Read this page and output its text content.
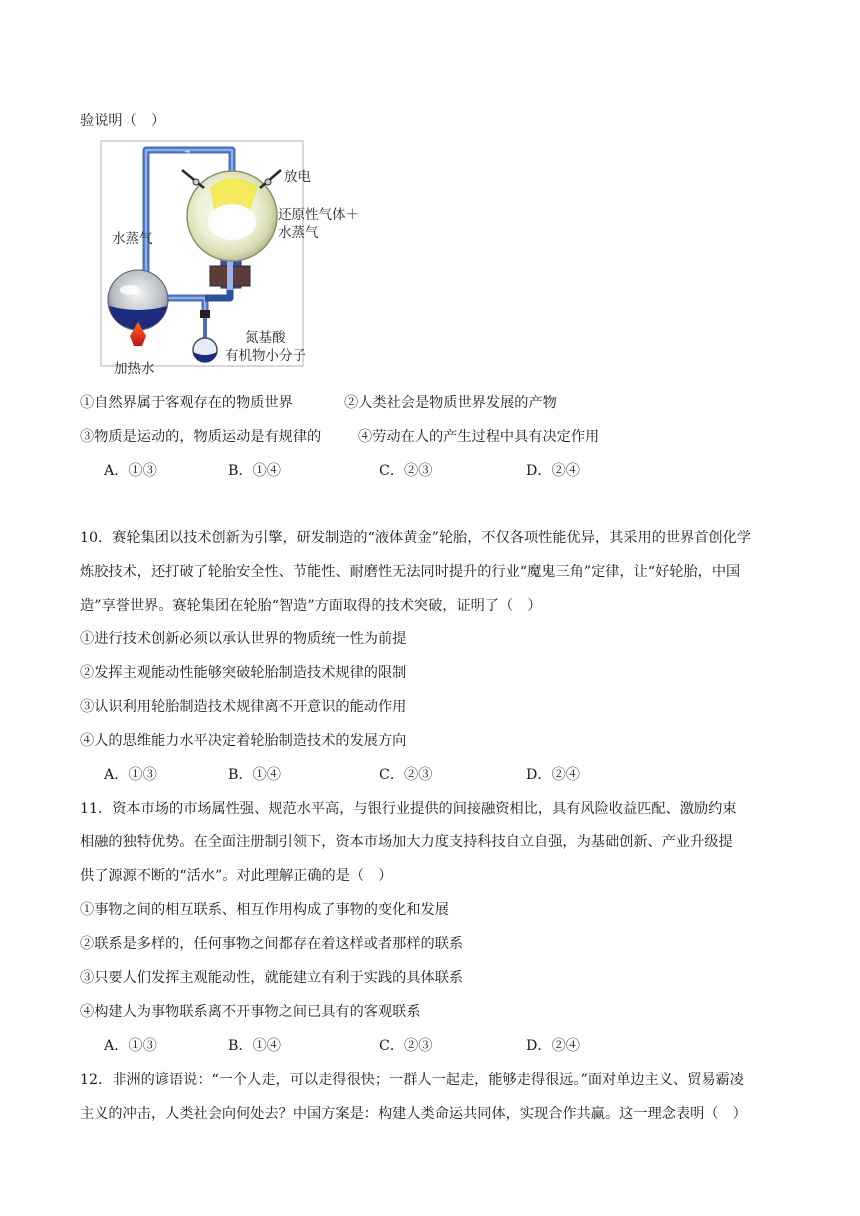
验说明（　）
→
放电
还原性气体＋
水蒸气
水蒸气
氮基酸
有机物小分子
加热水
①自然界属于客观存在的物质世界	②人类社会是物质世界发展的产物
③物质是运动的，物质运动是有规律的	④劳动在人的产生过程中具有决定作用
A．①③	B．①④	C．②③	D．②④
10．赛轮集团以技术创新为引擎，研发制造的“液体黄金”轮胎，不仅各项性能优异，其采用的世界首创化学
炼胶技术，还打破了轮胎安全性、节能性、耐磨性无法同时提升的行业“魔鬼三角”定律，让“好轮胎，中国
造”享誉世界。赛轮集团在轮胎“智造”方面取得的技术突破，证明了（　）
①进行技术创新必须以承认世界的物质统一性为前提
②发挥主观能动性能够突破轮胎制造技术规律的限制
③认识利用轮胎制造技术规律离不开意识的能动作用
④人的思维能力水平决定着轮胎制造技术的发展方向
A．①③	B．①④	C．②③	D．②④
11．资本市场的市场属性强、规范水平高，与银行业提供的间接融资相比，具有风险收益匹配、激励约束
相融的独特优势。在全面注册制引领下，资本市场加大力度支持科技自立自强，为基础创新、产业升级提
供了源源不断的“活水”。对此理解正确的是（　）
①事物之间的相互联系、相互作用构成了事物的变化和发展
②联系是多样的，任何事物之间都存在着这样或者那样的联系
③只要人们发挥主观能动性，就能建立有利于实践的具体联系
④构建人为事物联系离不开事物之间已具有的客观联系
A．①③	B．①④	C．②③	D．②④
12．非洲的谚语说：“一个人走，可以走得很快；一群人一起走，能够走得很远。”面对单边主义、贸易霸凌
主义的冲击，人类社会向何处去？中国方案是：构建人类命运共同体，实现合作共赢。这一理念表明（　）
